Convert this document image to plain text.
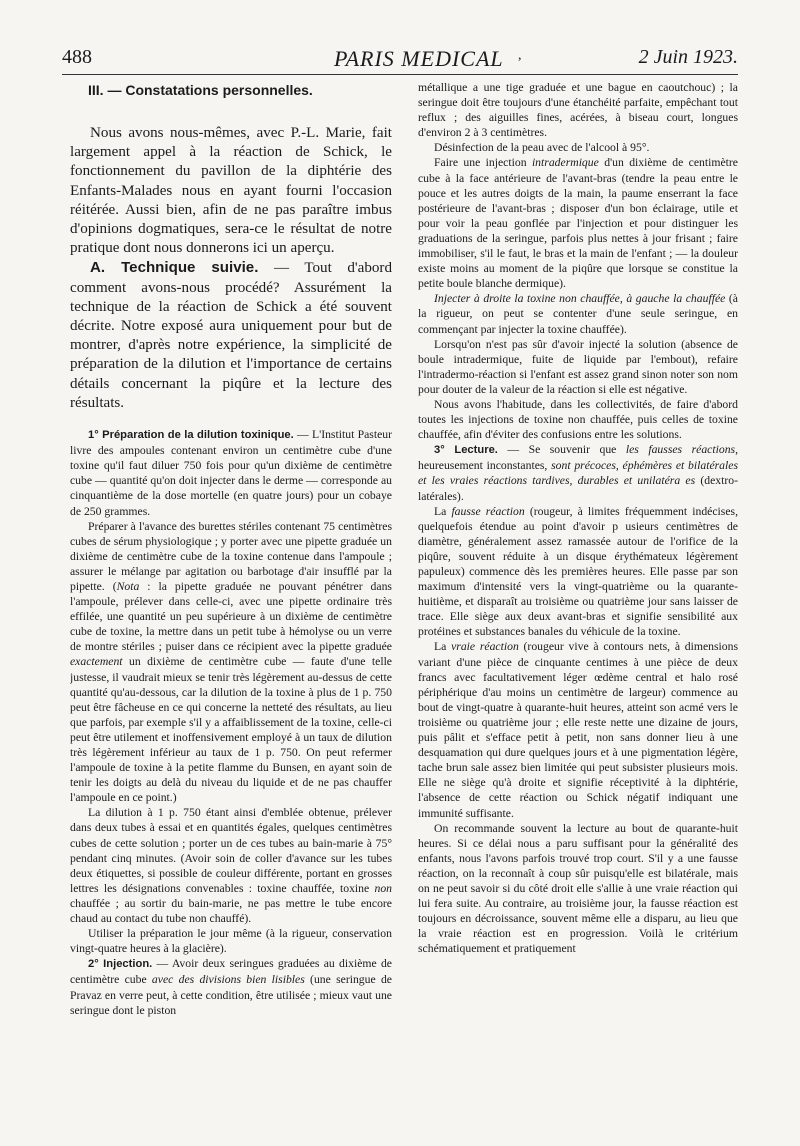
488	PARIS MEDICAL ,	2 Juin 1923.

III. — Constatations personnelles.

Nous avons nous-mêmes, avec P.-L. Marie, fait largement appel à la réaction de Schick, le fonctionnement du pavillon de la diphtérie des Enfants-Malades nous en ayant fourni l'occasion réitérée. Aussi bien, afin de ne pas paraître imbus d'opinions dogmatiques, sera-ce le résultat de notre pratique dont nous donnerons ici un aperçu.

A. Technique suivie. — Tout d'abord comment avons-nous procédé? Assurément la technique de la réaction de Schick a été souvent décrite. Notre exposé aura uniquement pour but de montrer, d'après notre expérience, la simplicité de préparation de la dilution et l'importance de certains détails concernant la piqûre et la lecture des résultats.

1° Préparation de la dilution toxinique. — L'Institut Pasteur livre des ampoules contenant environ un centimètre cube d'une toxine qu'il faut diluer 750 fois pour qu'un dixième de centimètre cube — quantité qu'on doit injecter dans le derme — corresponde au cinquantième de la dose mortelle (en quatre jours) pour un cobaye de 250 grammes.

Préparer à l'avance des burettes stériles contenant 75 centimètres cubes de sérum physiologique ; y porter avec une pipette graduée un dixième de centimètre cube de la toxine contenue dans l'ampoule ; assurer le mélange par agitation ou barbotage d'air insufflé par la pipette. (Nota : la pipette graduée ne pouvant pénétrer dans l'ampoule, prélever dans celle-ci, avec une pipette ordinaire très effilée, une quantité un peu supérieure à un dixième de centimètre cube de toxine, la mettre dans un petit tube à hémolyse ou un verre de montre stériles ; puiser dans ce récipient avec la pipette graduée exactement un dixième de centimètre cube — faute d'une telle justesse, il vaudrait mieux se tenir très légèrement au-dessus de cette quantité qu'au-dessous, car la dilution de la toxine à plus de 1 p. 750 peut être fâcheuse en ce qui concerne la netteté des résultats, au lieu que parfois, par exemple s'il y a affaiblissement de la toxine, celle-ci peut être utilement et inoffensivement employé à un taux de dilution très légèrement inférieur au taux de 1 p. 750. On peut refermer l'ampoule de toxine à la petite flamme du Bunsen, en ayant soin de tenir les doigts au delà du niveau du liquide et de ne pas chauffer l'ampoule en ce point.)

La dilution à 1 p. 750 étant ainsi d'emblée obtenue, prélever dans deux tubes à essai et en quantités égales, quelques centimètres cubes de cette solution ; porter un de ces tubes au bain-marie à 75° pendant cinq minutes. (Avoir soin de coller d'avance sur les tubes deux étiquettes, si possible de couleur différente, portant en grosses lettres les désignations convenables : toxine chauffée, toxine non chauffée ; au sortir du bain-marie, ne pas mettre le tube encore chaud au contact du tube non chauffé).

Utiliser la préparation le jour même (à la rigueur, conservation vingt-quatre heures à la glacière).

2° Injection. — Avoir deux seringues graduées au dixième de centimètre cube avec des divisions bien lisibles (une seringue de Pravaz en verre peut, à cette condition, être utilisée ; mieux vaut une seringue dont le piston

métallique a une tige graduée et une bague en caoutchouc) ; la seringue doit être toujours d'une étanchéité parfaite, empêchant tout reflux ; des aiguilles fines, acérées, à biseau court, longues d'environ 2 à 3 centimètres.

Désinfection de la peau avec de l'alcool à 95°.

Faire une injection intradermique d'un dixième de centimètre cube à la face antérieure de l'avant-bras (tendre la peau entre le pouce et les autres doigts de la main, la paume enserrant la face postérieure de l'avant-bras ; disposer d'un bon éclairage, utile et pour voir la peau gonflée par l'injection et pour distinguer les graduations de la seringue, parfois plus nettes à jour frisant ; faire immobiliser, s'il le faut, le bras et la main de l'enfant ; — la douleur existe moins au moment de la piqûre que lorsque se constitue la petite boule blanche dermique).

Injecter à droite la toxine non chauffée, à gauche la chauffée (à la rigueur, on peut se contenter d'une seule seringue, en commençant par injecter la toxine chauffée).

Lorsqu'on n'est pas sûr d'avoir injecté la solution (absence de boule intradermique, fuite de liquide par l'embout), refaire l'intradermo-réaction si l'enfant est assez grand sinon noter son nom pour douter de la valeur de la réaction si elle est négative.

Nous avons l'habitude, dans les collectivités, de faire d'abord toutes les injections de toxine non chauffée, puis celles de toxine chauffée, afin d'éviter des confusions entre les solutions.

3° Lecture. — Se souvenir que les fausses réactions, heureusement inconstantes, sont précoces, éphémères et bilatérales et les vraies réactions tardives, durables et unilatéra es (dextro-latérales).

La fausse réaction (rougeur, à limites fréquemment indécises, quelquefois étendue au point d'avoir p usieurs centimètres de diamètre, généralement assez ramassée autour de l'orifice de la piqûre, souvent réduite à un disque érythémateux légèrement papuleux) commence dès les premières heures. Elle passe par son maximum d'intensité vers la vingt-quatrième ou la quarante-huitième, et disparaît au troisième ou quatrième jour sans laisser de trace. Elle siège aux deux avant-bras et signifie sensibilité aux protéines et substances banales du véhicule de la toxine.

La vraie réaction (rougeur vive à contours nets, à dimensions variant d'une pièce de cinquante centimes à une pièce de deux francs avec facultativement léger œdème central et halo rosé périphérique d'au moins un centimètre de largeur) commence au bout de vingt-quatre à quarante-huit heures, atteint son acmé vers le troisième ou quatrième jour ; elle reste nette une dizaine de jours, puis pâlit et s'efface petit à petit, non sans donner lieu à une desquamation qui dure quelques jours et à une pigmentation légère, tache brun sale assez bien limitée qui peut subsister plusieurs mois. Elle ne siège qu'à droite et signifie réceptivité à la diphtérie, l'absence de cette réaction ou Schick négatif indiquant une immunité suffisante.

On recommande souvent la lecture au bout de quarante-huit heures. Si ce délai nous a paru suffisant pour la généralité des enfants, nous l'avons parfois trouvé trop court. S'il y a une fausse réaction, on la reconnaît à coup sûr puisqu'elle est bilatérale, mais on ne peut savoir si du côté droit elle s'allie à une vraie réaction qui lui fera suite. Au contraire, au troisième jour, la fausse réaction est toujours en décroissance, souvent même elle a disparu, au lieu que la vraie réaction est en progression. Voilà le critérium schématiquement et pratiquement
